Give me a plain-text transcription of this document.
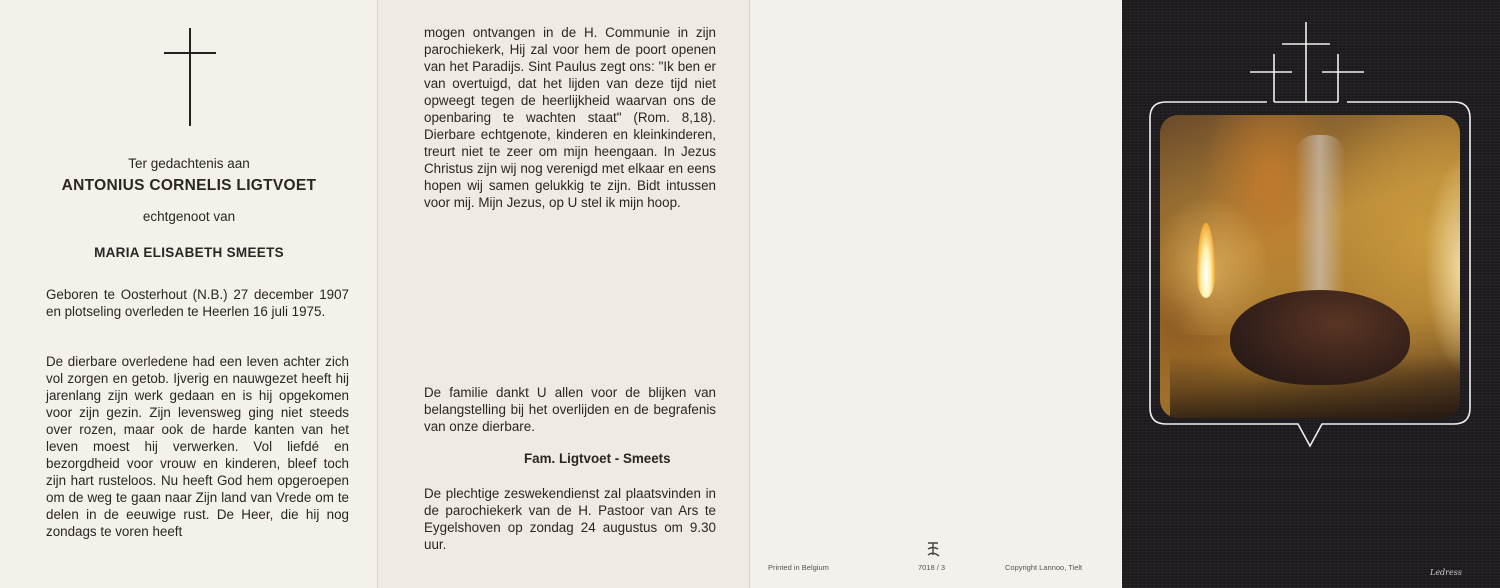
Ter gedachtenis aan
ANTONIUS CORNELIS LIGTVOET
echtgenoot van
MARIA ELISABETH SMEETS
Geboren te Oosterhout (N.B.) 27 december 1907 en plotseling overleden te Heerlen 16 juli 1975.
De dierbare overledene had een leven achter zich vol zorgen en getob. Ijverig en nauwgezet heeft hij jarenlang zijn werk gedaan en is hij opgekomen voor zijn gezin. Zijn levensweg ging niet steeds over rozen, maar ook de harde kanten van het leven moest hij verwerken. Vol liefdé en bezorgdheid voor vrouw en kinderen, bleef toch zijn hart rusteloos. Nu heeft God hem opgeroepen om de weg te gaan naar Zijn land van Vrede om te delen in de eeuwige rust. De Heer, die hij nog zondags te voren heeft
mogen ontvangen in de H. Communie in zijn parochiekerk, Hij zal voor hem de poort openen van het Paradijs. Sint Paulus zegt ons: "Ik ben er van overtuigd, dat het lijden van deze tijd niet opweegt tegen de heerlijkheid waarvan ons de openbaring te wachten staat" (Rom. 8,18). Dierbare echtgenote, kinderen en kleinkinderen, treurt niet te zeer om mijn heengaan. In Jezus Christus zijn wij nog verenigd met elkaar en eens hopen wij samen gelukkig te zijn. Bidt intussen voor mij. Mijn Jezus, op U stel ik mijn hoop.
De familie dankt U allen voor de blijken van belangstelling bij het overlijden en de begrafenis van onze dierbare.
Fam. Ligtvoet - Smeets
De plechtige zeswekendienst zal plaatsvinden in de parochiekerk van de H. Pastoor van Ars te Eygelshoven op zondag 24 augustus om 9.30 uur.
Printed in Belgium	7018 / 3	Copyright Lannoo, Tielt
Ledress
